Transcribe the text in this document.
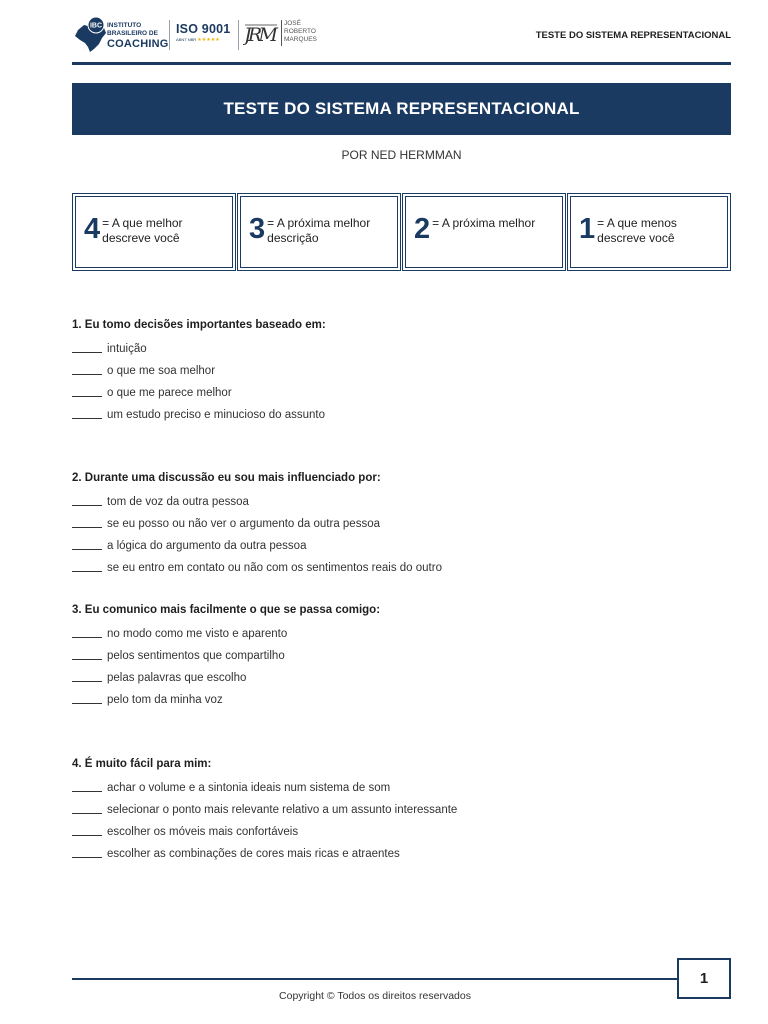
IBC INSTITUTO
BRASILEIRO DE
COACHING
ISO 9001
ABNT NBR ★★★★★	JRM
JOSÉ
ROBERTO
MARQUES	TESTE DO SISTEMA REPRESENTACIONAL
TESTE DO SISTEMA REPRESENTACIONAL
POR NED HERMMAN
4 = A que melhor descreve você	3 = A próxima melhor descrição	2 = A próxima melhor 1 = A que menos descreve você
1. Eu tomo decisões importantes baseado em:
intuição
o que me soa melhor
o que me parece melhor
um estudo preciso e minucioso do assunto
2. Durante uma discussão eu sou mais influenciado por:
tom de voz da outra pessoa
se eu posso ou não ver o argumento da outra pessoa
a lógica do argumento da outra pessoa
se eu entro em contato ou não com os sentimentos reais do outro
3. Eu comunico mais facilmente o que se passa comigo:
no modo como me visto e aparento
pelos sentimentos que compartilho
pelas palavras que escolho
pelo tom da minha voz
4. É muito fácil para mim:
achar o volume e a sintonia ideais num sistema de som
selecionar o ponto mais relevante relativo a um assunto interessante
escolher os móveis mais confortáveis
escolher as combinações de cores mais ricas e atraentes
1
Copyright © Todos os direitos reservados
